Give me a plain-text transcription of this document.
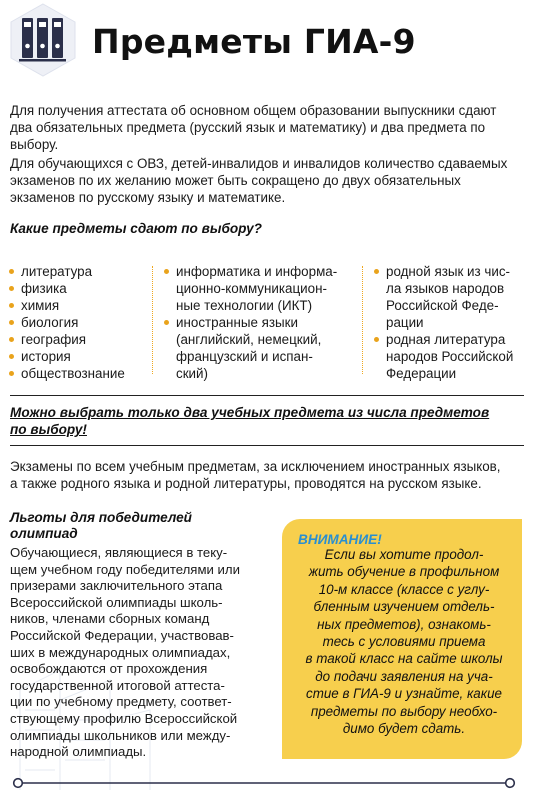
Предметы ГИА-9
Для получения аттестата об основном общем образовании выпускники сдают два обязательных предмета (русский язык и математику) и два предмета по выбору.
Для обучающихся с ОВЗ, детей-инвалидов и инвалидов количество сдаваемых экзаменов по их желанию может быть сокращено до двух обязательных экзаменов по русскому языку и математике.
Какие предметы сдают по выбору?
литература
физика
химия
биология
география
история
обществознание
информатика и информа-
ционно-коммуникацион-
ные технологии (ИКТ)
иностранные языки
(английский, немецкий,
французский и испан-
ский)
родной язык из чис-
ла языков народов
Российской Феде-
рации
родная литература
народов Российской
Федерации
Можно выбрать только два учебных предмета из числа предметов
по выбору!
Экзамены по всем учебным предметам, за исключением иностранных языков,
а также родного языка и родной литературы, проводятся на русском языке.
Льготы для победителей
олимпиад
Обучающиеся, являющиеся в теку-
щем учебном году победителями или
призерами заключительного этапа
Всероссийской олимпиады школь-
ников, членами сборных команд
Российской Федерации, участвовав-
ших в международных олимпиадах,
освобождаются от прохождения
государственной итоговой аттеста-
ции по учебному предмету, соответ-
ствующему профилю Всероссийской
олимпиады школьников или между-
народной олимпиады.
ВНИМАНИЕ!
Если вы хотите продол-
жить обучение в профильном
10-м классе (классе с углу-
бленным изучением отдель-
ных предметов), ознакомь-
тесь с условиями приема
в такой класс на сайте школы
до подачи заявления на уча-
стие в ГИА-9 и узнайте, какие
предметы по выбору необхо-
димо будет сдать.
